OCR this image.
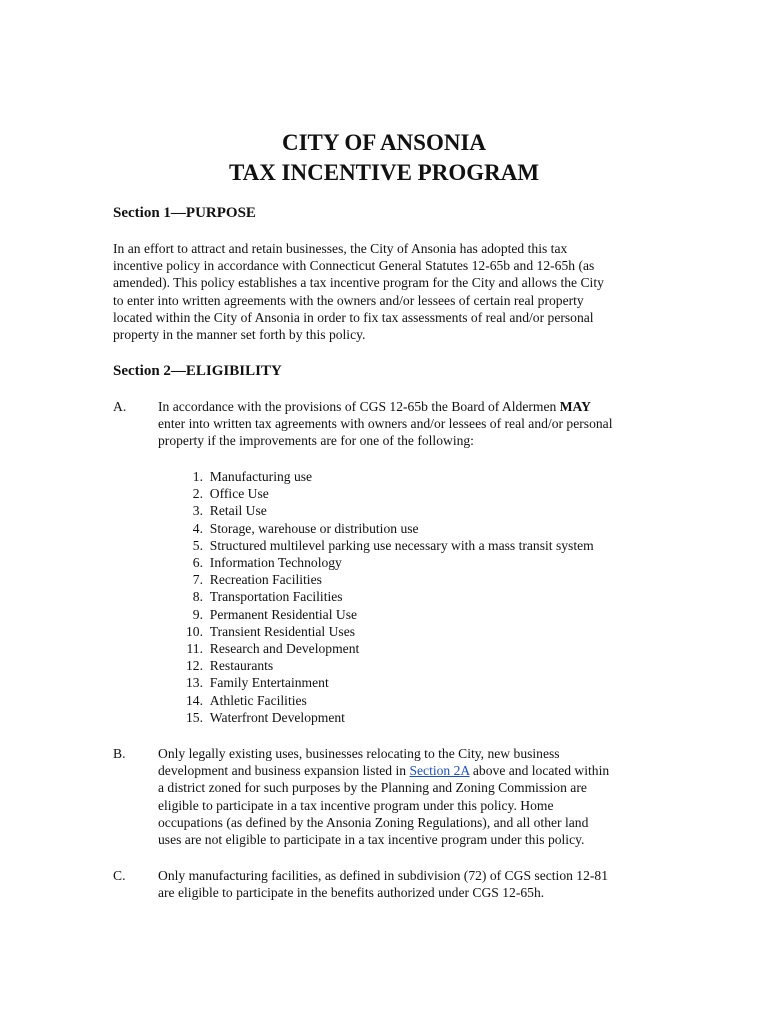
CITY OF ANSONIA
TAX INCENTIVE PROGRAM
Section 1—PURPOSE

In an effort to attract and retain businesses, the City of Ansonia has adopted this tax
incentive policy in accordance with Connecticut General Statutes 12-65b and 12-65h (as
amended). This policy establishes a tax incentive program for the City and allows the City
to enter into written agreements with the owners and/or lessees of certain real property
located within the City of Ansonia in order to fix tax assessments of real and/or personal
property in the manner set forth by this policy.

Section 2—ELIGIBILITY
A. In accordance with the provisions of CGS 12-65b the Board of Aldermen MAY
enter into written tax agreements with owners and/or lessees of real and/or personal
property if the improvements are for one of the following:

1. Manufacturing use
2. Office Use
3. Retail Use
4. Storage, warehouse or distribution use
5. Structured multilevel parking use necessary with a mass transit system
6. Information Technology
7. Recreation Facilities
8. Transportation Facilities
9. Permanent Residential Use
10. Transient Residential Uses
11. Research and Development
12. Restaurants
13. Family Entertainment
14. Athletic Facilities
15. Waterfront Development
B. Only legally existing uses, businesses relocating to the City, new business
development and business expansion listed in Section 2A above and located within
a district zoned for such purposes by the Planning and Zoning Commission are
eligible to participate in a tax incentive program under this policy. Home
occupations (as defined by the Ansonia Zoning Regulations), and all other land
uses are not eligible to participate in a tax incentive program under this policy.

C. Only manufacturing facilities, as defined in subdivision (72) of CGS section 12-81
are eligible to participate in the benefits authorized under CGS 12-65h.
